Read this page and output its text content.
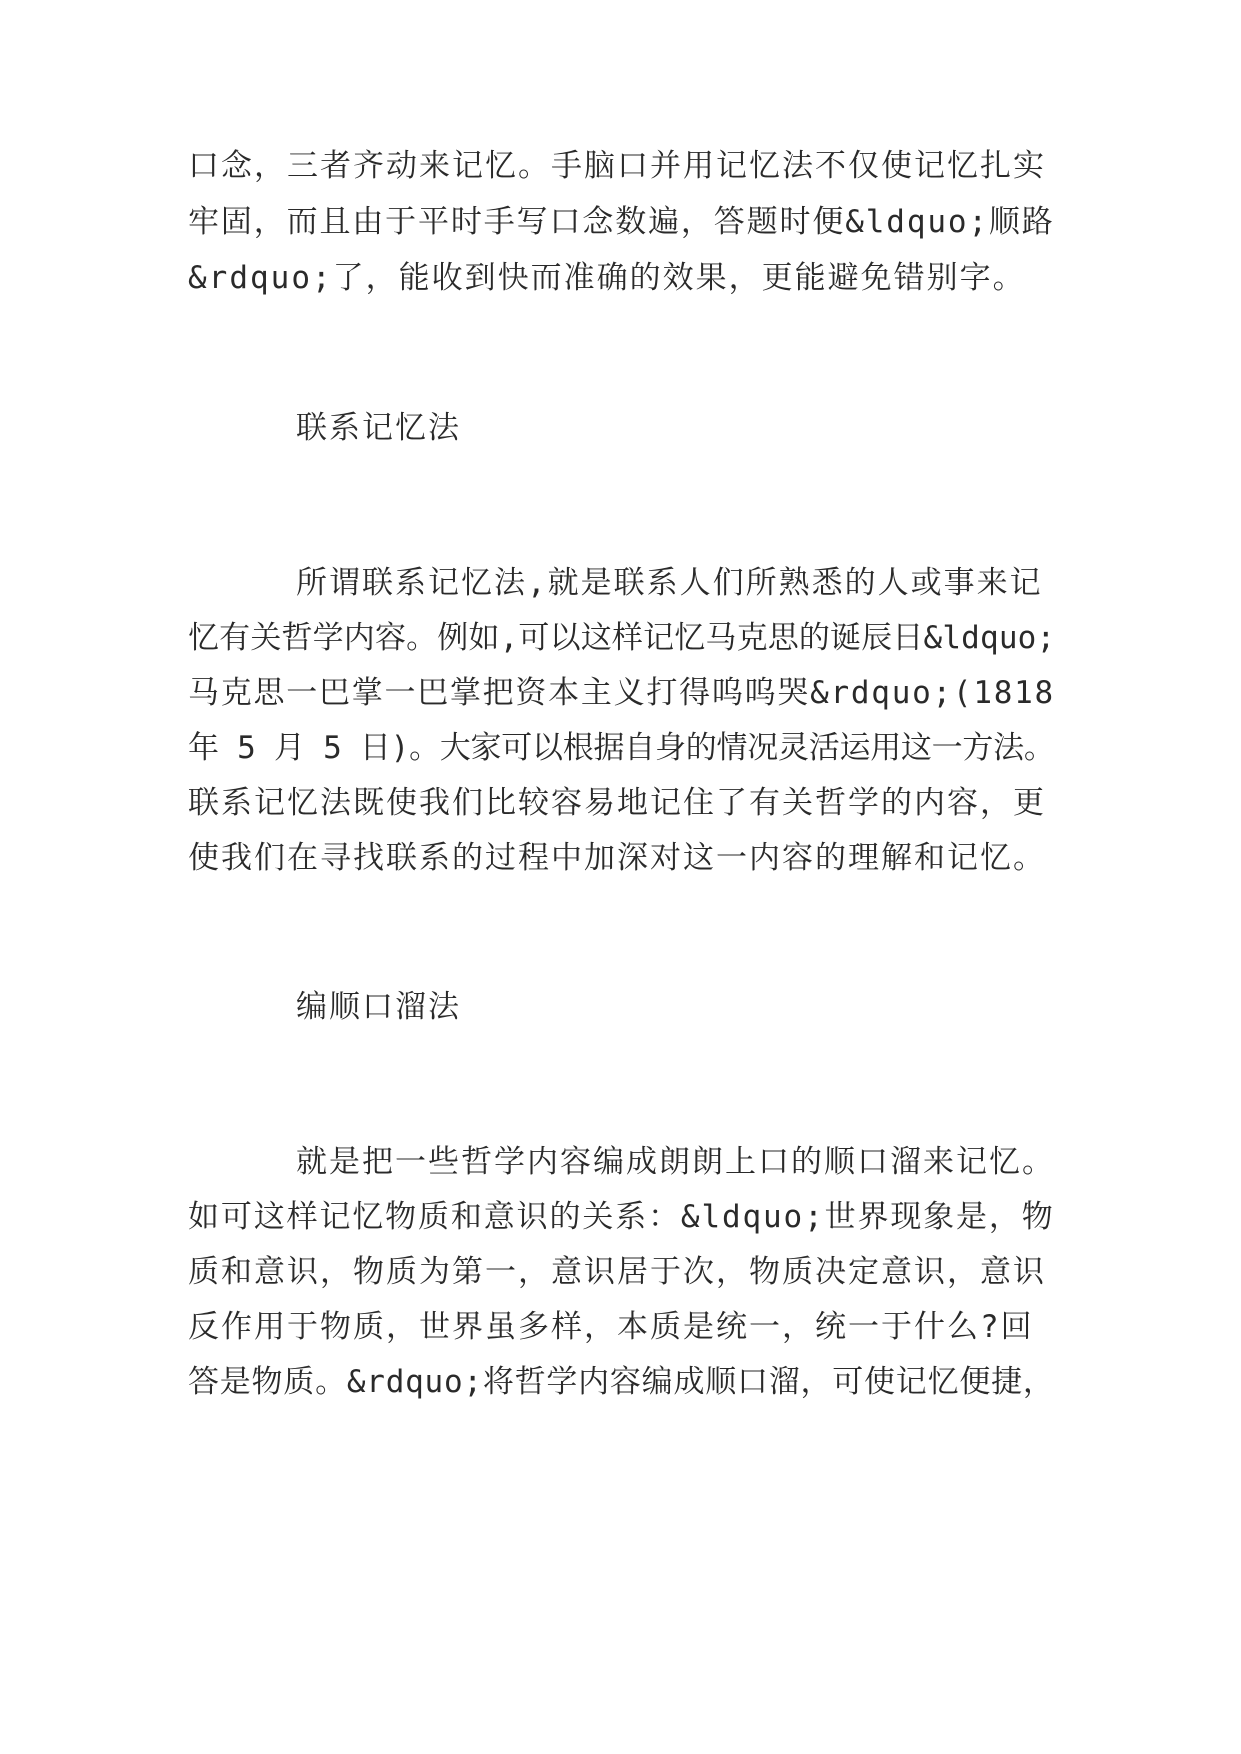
口念，三者齐动来记忆。手脑口并用记忆法不仅使记忆扎实
牢固，而且由于平时手写口念数遍，答题时便&ldquo;顺路
&rdquo;了，能收到快而准确的效果，更能避免错别字。
联系记忆法
所谓联系记忆法,就是联系人们所熟悉的人或事来记
忆有关哲学内容。例如,可以这样记忆马克思的诞辰日&ldquo;
马克思一巴掌一巴掌把资本主义打得呜呜哭&rdquo;(1818
年 5 月 5 日)。大家可以根据自身的情况灵活运用这一方法。
联系记忆法既使我们比较容易地记住了有关哲学的内容，更
使我们在寻找联系的过程中加深对这一内容的理解和记忆。
编顺口溜法
就是把一些哲学内容编成朗朗上口的顺口溜来记忆。
如可这样记忆物质和意识的关系：&ldquo;世界现象是，物
质和意识，物质为第一，意识居于次，物质决定意识，意识
反作用于物质，世界虽多样，本质是统一，统一于什么?回
答是物质。&rdquo;将哲学内容编成顺口溜，可使记忆便捷，
